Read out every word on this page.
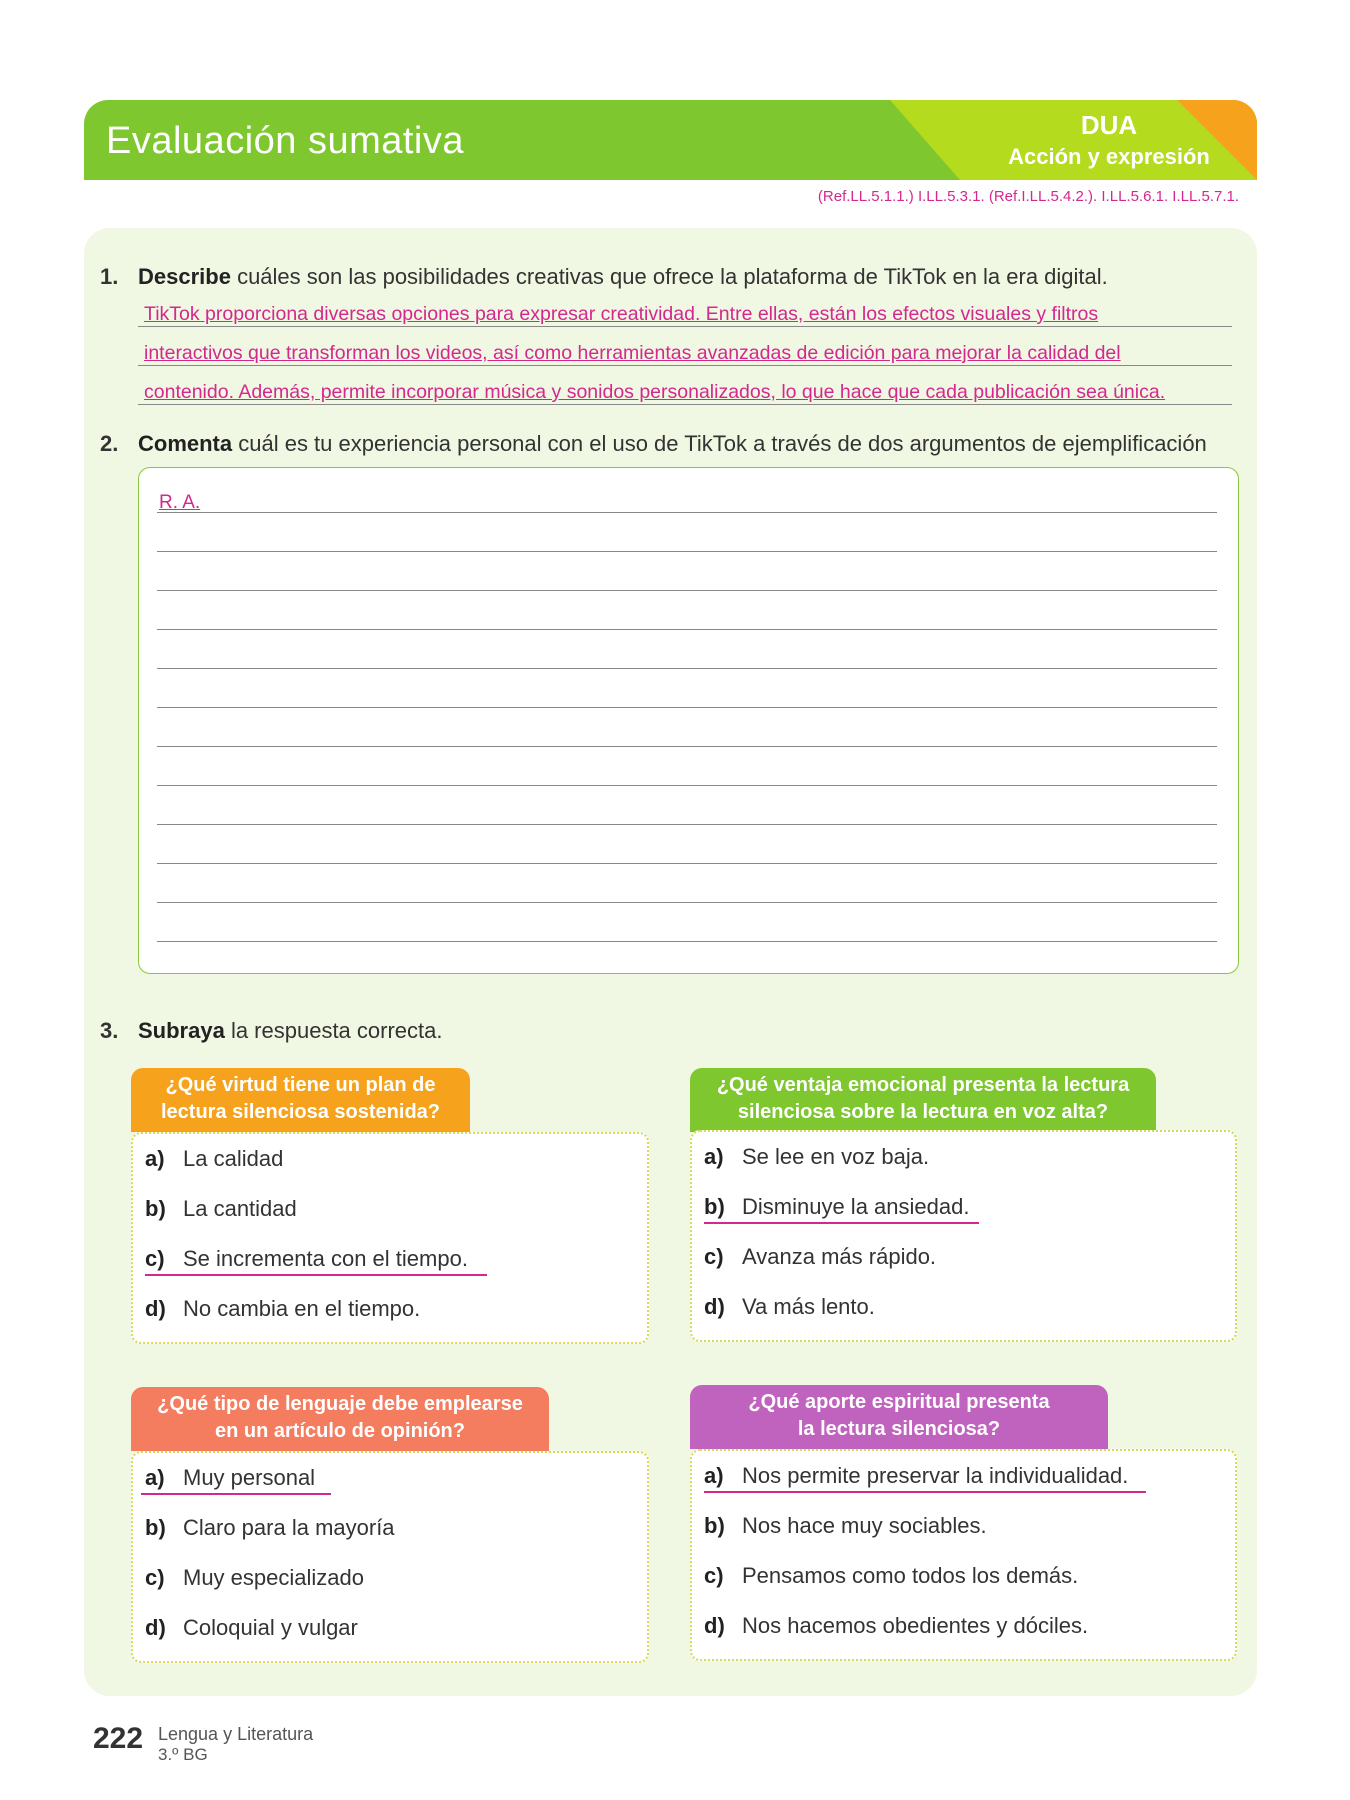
Evaluación sumativa	DUA
Acción y expresión
(Ref.LL.5.1.1.) I.LL.5.3.1. (Ref.I.LL.5.4.2.). I.LL.5.6.1. I.LL.5.7.1.
1. Describe cuáles son las posibilidades creativas que ofrece la plataforma de TikTok en la era digital.
TikTok proporciona diversas opciones para expresar creatividad. Entre ellas, están los efectos visuales y filtros
interactivos que transforman los videos, así como herramientas avanzadas de edición para mejorar la calidad del
contenido. Además, permite incorporar música y sonidos personalizados, lo que hace que cada publicación sea única.
2. Comenta cuál es tu experiencia personal con el uso de TikTok a través de dos argumentos de ejemplificación
R. A.
3. Subraya la respuesta correcta.
¿Qué virtud tiene un plan de
lectura silenciosa sostenida?
a) La calidad
b) La cantidad
c) Se incrementa con el tiempo.
d) No cambia en el tiempo.
¿Qué ventaja emocional presenta la lectura
silenciosa sobre la lectura en voz alta?
a) Se lee en voz baja.
b) Disminuye la ansiedad.
c) Avanza más rápido.
d) Va más lento.
¿Qué tipo de lenguaje debe emplearse
en un artículo de opinión?
a) Muy personal
b) Claro para la mayoría
c) Muy especializado
d) Coloquial y vulgar
¿Qué aporte espiritual presenta
la lectura silenciosa?
a) Nos permite preservar la individualidad.
b) Nos hace muy sociables.
c) Pensamos como todos los demás.
d) Nos hacemos obedientes y dóciles.
222 Lengua y Literatura
3.º BG
